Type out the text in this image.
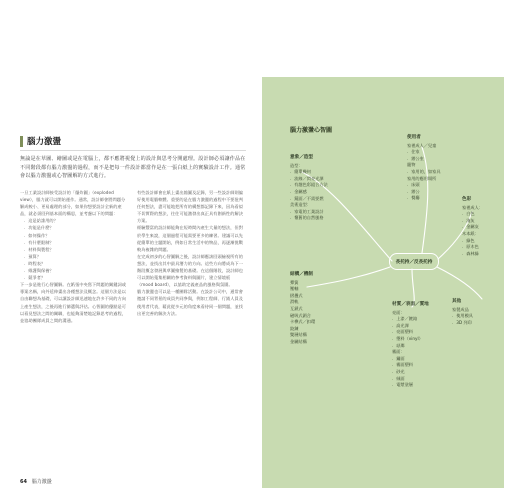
腦力激盪
無論是在草圖、繪圖或是在電腦上，都不應將視覺上的設計與思考分開處理。設計師必須讓作品在不同階段都有腦力激盪的過程，而不是把每一件設計都當作是在一張白紙上的實驗設計工作。通常會以腦力激盪或心智圖解的方式進行。

一旦工業設計師接受設計的「爆炸圖」（exploded view），腦力就可以開始運作。通常，設計師會將問題分解成較小、更易處理的部分，如果你想要設計全新的產品，就必須回到基本面的構思，並考慮以下的問題：

．這是給誰用的？

．功能是什麼？

．如何操作？

．有什麼限制？

．材料與製程？

．預算？

．時程表？

．維護與保養？

．競爭者？

下一步是進行心智圖解。在紙張中央寫下問題的關鍵詞或專案名稱，向外延伸畫出各種想法及概念。這個方法是以自由聯想為基礎，可以讓設計師迅速地在許多不同的方向上產生想法，之後再進行篩選與評估。心智圖的優點是可以看見想法之間的關聯，也能夠清楚地記錄思考的過程，並協助團隊成員之間的溝通。

有些設計師會在紙上畫出縮圖及記錄，另一些設計師則偏好使用電腦軟體。重要的是在腦力激盪的過程中不要批判任何想法，盡可能地把所有的構想都記錄下來，因為看似不切實際的想法，往往可能激發出真正具有創新性的解決方案。

經驗豐富的設計師能夠在短時間內產生大量的想法，但對於學生來說，這個過程可能需要更多的練習。建議可以先從簡單的主題開始，例如日常生活中的物品，再逐漸挑戰較為複雜的問題。

在完成初步的心智圖解之後，設計師應該回頭檢視所有的想法，並找出其中最具潛力的方向。這些方向將成為下一階段概念發展與草圖繪製的基礎。在這個階段，設計師也可以開始蒐集相關的參考資料與圖片，建立情境板（mood board），以協助定義產品的風格與氛圍。

腦力激盪也可以是一種團隊活動。在設計公司中，通常會邀請不同背景的成員共同參與，例如工程師、行銷人員及使用者代表，藉此從多元的角度來看待同一個問題，並找出更完善的解決方法。

64 腦力激盪
腦力激盪心智圖
意象／造型
造型：
．簡單幾何
．流線／閃亮光澤
．有趣色彩組合方法
．金屬感
．鏡面／不需要燃
美術造型：
．家電的工業設計
．懷舊的自然風格
使用者
家裡成人／兒童
．住家
．辦公室
寵物
．家用的，如家具
家用的應用場所
．床頭
．辦公
．餐廳	色彩
家裡成人：
．白色
．淺灰
．金屬灰
木本紙：
．綠色
．原木色
．森林綠
結構／機制
彈簧
壓軸
摺疊式
滑軌
互鎖式
磁吸式鎖合
卡榫式／扣環
鉸鍊
雙層結構
金屬結構
材質／表面／質地
亮面：
．上漆／鍍鉻
．高光澤
．亮面塑料
．塑料（vinyl）
．琺瑯
霧面：
．鏽面
．霧面塑料
．砂光
．絨面
．電漿塗層
其他
家製成品
．使用模具
．3D 列印
長托持／反長托持
